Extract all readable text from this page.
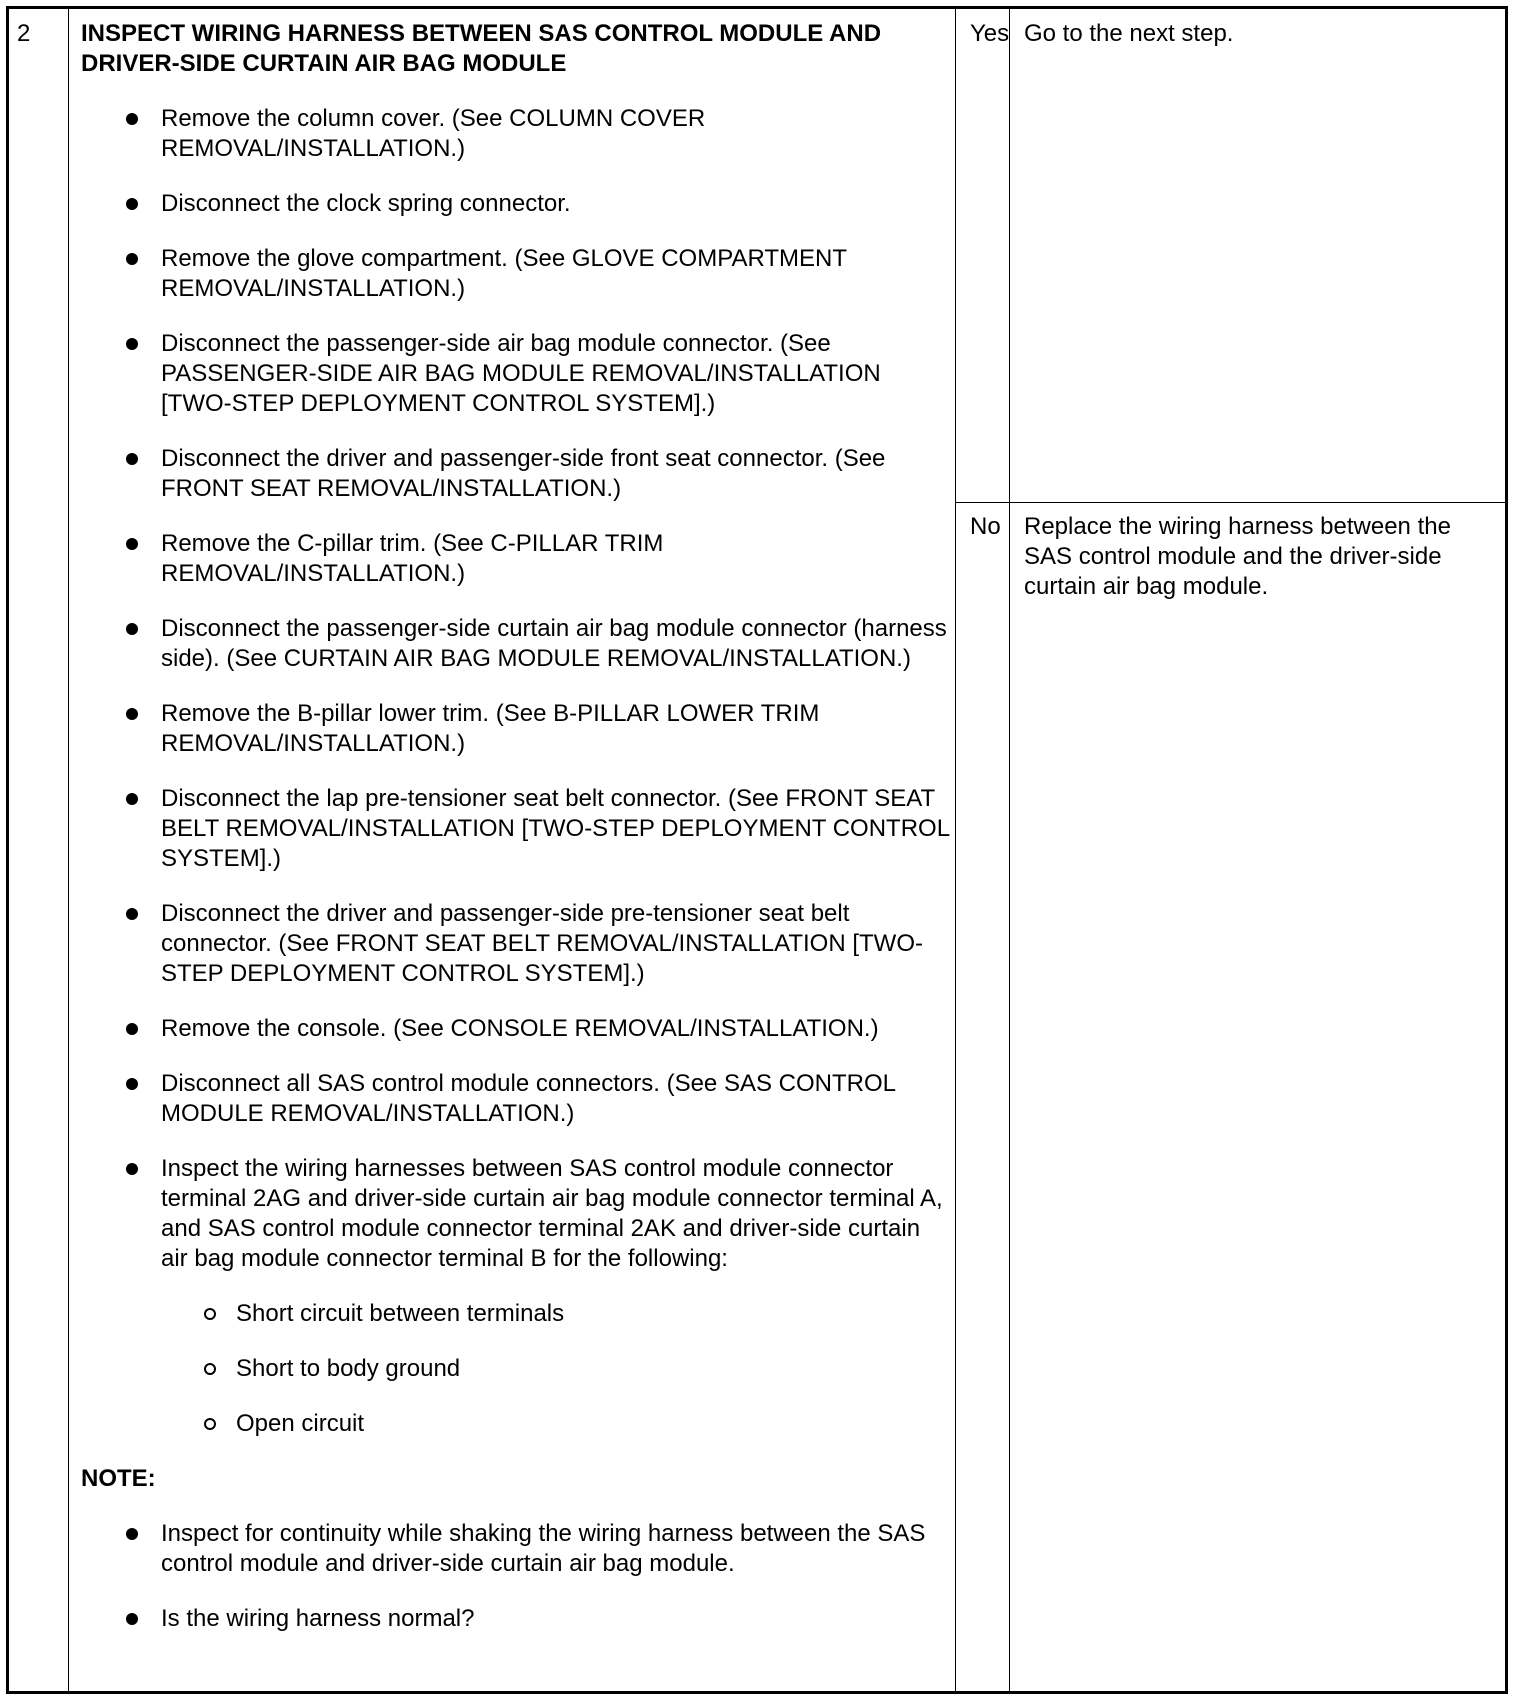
2 INSPECT WIRING HARNESS BETWEEN SAS CONTROL MODULE AND DRIVER-SIDE CURTAIN AIR BAG MODULE
Remove the column cover. (See COLUMN COVER REMOVAL/INSTALLATION.)
Disconnect the clock spring connector.
Remove the glove compartment. (See GLOVE COMPARTMENT REMOVAL/INSTALLATION.)
Disconnect the passenger-side air bag module connector. (See PASSENGER-SIDE AIR BAG MODULE REMOVAL/INSTALLATION [TWO-STEP DEPLOYMENT CONTROL SYSTEM].)
Disconnect the driver and passenger-side front seat connector. (See FRONT SEAT REMOVAL/INSTALLATION.)
Remove the C-pillar trim. (See C-PILLAR TRIM REMOVAL/INSTALLATION.)
Disconnect the passenger-side curtain air bag module connector (harness side). (See CURTAIN AIR BAG MODULE REMOVAL/INSTALLATION.)
Remove the B-pillar lower trim. (See B-PILLAR LOWER TRIM REMOVAL/INSTALLATION.)
Disconnect the lap pre-tensioner seat belt connector. (See FRONT SEAT BELT REMOVAL/INSTALLATION [TWO-STEP DEPLOYMENT CONTROL SYSTEM].)
Disconnect the driver and passenger-side pre-tensioner seat belt connector. (See FRONT SEAT BELT REMOVAL/INSTALLATION [TWO-STEP DEPLOYMENT CONTROL SYSTEM].)
Remove the console. (See CONSOLE REMOVAL/INSTALLATION.)
Disconnect all SAS control module connectors. (See SAS CONTROL MODULE REMOVAL/INSTALLATION.)
Inspect the wiring harnesses between SAS control module connector terminal 2AG and driver-side curtain air bag module connector terminal A, and SAS control module connector terminal 2AK and driver-side curtain air bag module connector terminal B for the following:
Short circuit between terminals
Short to body ground
Open circuit
NOTE:
Inspect for continuity while shaking the wiring harness between the SAS control module and driver-side curtain air bag module.
Is the wiring harness normal?
Yes Go to the next step.
No Replace the wiring harness between the SAS control module and the driver-side curtain air bag module.
